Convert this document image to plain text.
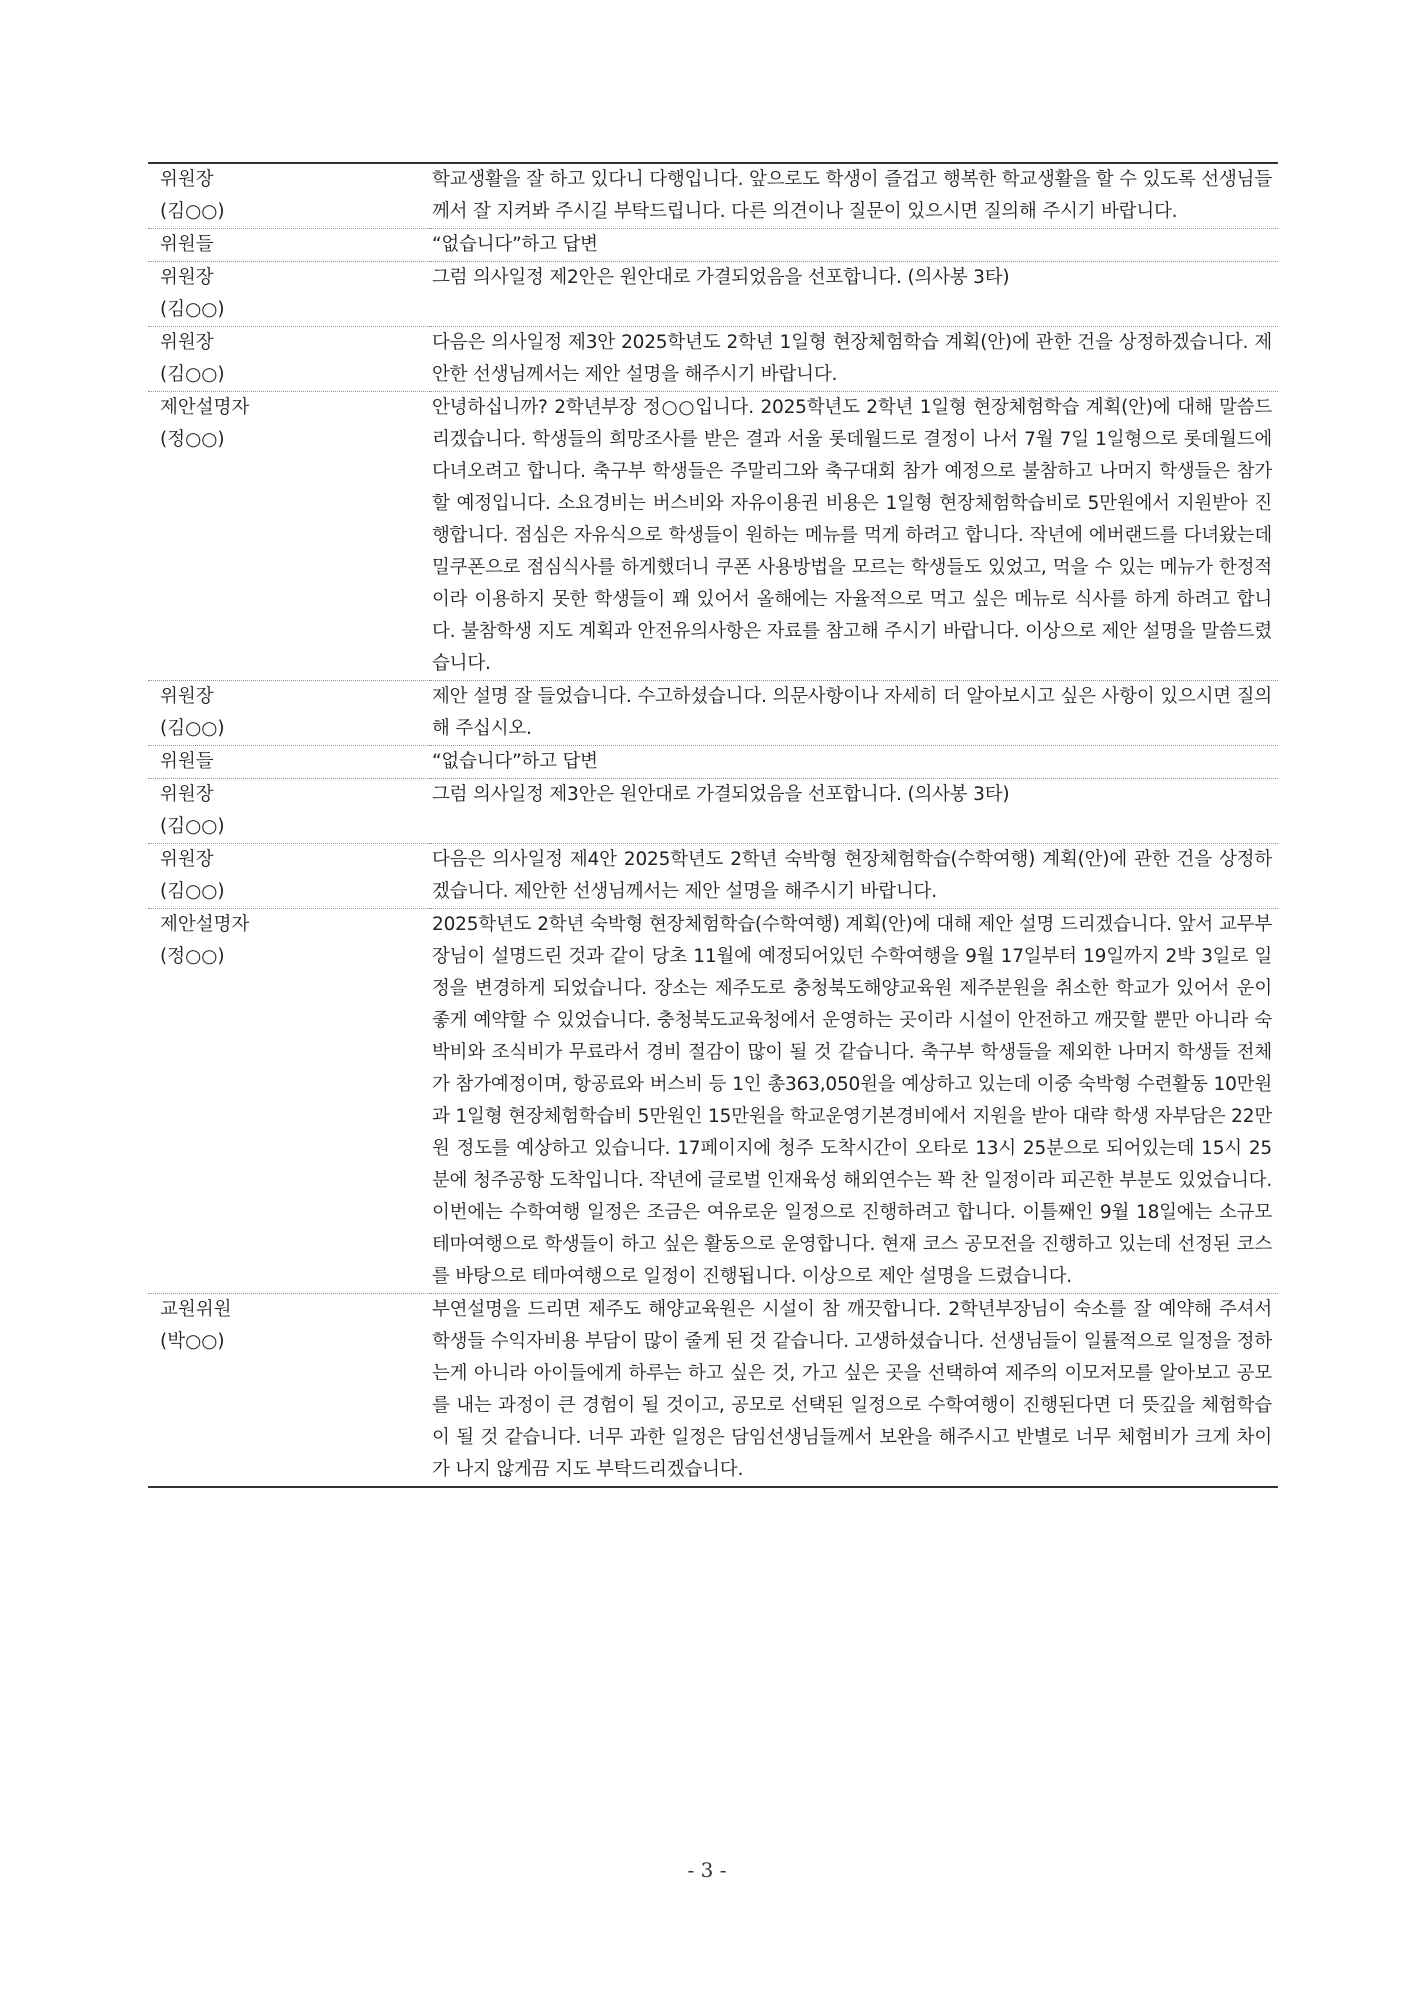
위원장
(김○○)	학교생활을 잘 하고 있다니 다행입니다. 앞으로도 학생이 즐겁고 행복한 학교생활을 할 수 있도록 선생님들께서 잘 지켜봐 주시길 부탁드립니다. 다른 의견이나 질문이 있으시면 질의해 주시기 바랍니다.

위원들	“없습니다”하고 답변

위원장
(김○○)	그럼 의사일정 제2안은 원안대로 가결되었음을 선포합니다. (의사봉 3타)

위원장
(김○○)	다음은 의사일정 제3안 2025학년도 2학년 1일형 현장체험학습 계획(안)에 관한 건을 상정하겠습니다. 제안한 선생님께서는 제안 설명을 해주시기 바랍니다.

제안설명자
(정○○)	안녕하십니까? 2학년부장 정○○입니다. 2025학년도 2학년 1일형 현장체험학습 계획(안)에 대해 말씀드리겠습니다. 학생들의 희망조사를 받은 결과 서울 롯데월드로 결정이 나서 7월 7일 1일형으로 롯데월드에 다녀오려고 합니다. 축구부 학생들은 주말리그와 축구대회 참가 예정으로 불참하고 나머지 학생들은 참가할 예정입니다. 소요경비는 버스비와 자유이용권 비용은 1일형 현장체험학습비로 5만원에서 지원받아 진행합니다. 점심은 자유식으로 학생들이 원하는 메뉴를 먹게 하려고 합니다. 작년에 에버랜드를 다녀왔는데 밀쿠폰으로 점심식사를 하게했더니 쿠폰 사용방법을 모르는 학생들도 있었고, 먹을 수 있는 메뉴가 한정적이라 이용하지 못한 학생들이 꽤 있어서 올해에는 자율적으로 먹고 싶은 메뉴로 식사를 하게 하려고 합니다. 불참학생 지도 계획과 안전유의사항은 자료를 참고해 주시기 바랍니다. 이상으로 제안 설명을 말씀드렸습니다.

위원장
(김○○)	제안 설명 잘 들었습니다. 수고하셨습니다. 의문사항이나 자세히 더 알아보시고 싶은 사항이 있으시면 질의해 주십시오.

위원들	“없습니다”하고 답변

위원장
(김○○)	그럼 의사일정 제3안은 원안대로 가결되었음을 선포합니다. (의사봉 3타)

위원장
(김○○)	다음은 의사일정 제4안 2025학년도 2학년 숙박형 현장체험학습(수학여행) 계획(안)에 관한 건을 상정하겠습니다. 제안한 선생님께서는 제안 설명을 해주시기 바랍니다.

제안설명자
(정○○)	2025학년도 2학년 숙박형 현장체험학습(수학여행) 계획(안)에 대해 제안 설명 드리겠습니다. 앞서 교무부장님이 설명드린 것과 같이 당초 11월에 예정되어있던 수학여행을 9월 17일부터 19일까지 2박 3일로 일정을 변경하게 되었습니다. 장소는 제주도로 충청북도해양교육원 제주분원을 취소한 학교가 있어서 운이 좋게 예약할 수 있었습니다. 충청북도교육청에서 운영하는 곳이라 시설이 안전하고 깨끗할 뿐만 아니라 숙박비와 조식비가 무료라서 경비 절감이 많이 될 것 같습니다. 축구부 학생들을 제외한 나머지 학생들 전체가 참가예정이며, 항공료와 버스비 등 1인 총363,050원을 예상하고 있는데 이중 숙박형 수련활동 10만원과 1일형 현장체험학습비 5만원인 15만원을 학교운영기본경비에서 지원을 받아 대략 학생 자부담은 22만원 정도를 예상하고 있습니다. 17페이지에 청주 도착시간이 오타로 13시 25분으로 되어있는데 15시 25분에 청주공항 도착입니다. 작년에 글로벌 인재육성 해외연수는 꽉 찬 일정이라 피곤한 부분도 있었습니다. 이번에는 수학여행 일정은 조금은 여유로운 일정으로 진행하려고 합니다. 이틀째인 9월 18일에는 소규모 테마여행으로 학생들이 하고 싶은 활동으로 운영합니다. 현재 코스 공모전을 진행하고 있는데 선정된 코스를 바탕으로 테마여행으로 일정이 진행됩니다. 이상으로 제안 설명을 드렸습니다.

교원위원
(박○○)	부연설명을 드리면 제주도 해양교육원은 시설이 참 깨끗합니다. 2학년부장님이 숙소를 잘 예약해 주셔서 학생들 수익자비용 부담이 많이 줄게 된 것 같습니다. 고생하셨습니다. 선생님들이 일률적으로 일정을 정하는게 아니라 아이들에게 하루는 하고 싶은 것, 가고 싶은 곳을 선택하여 제주의 이모저모를 알아보고 공모를 내는 과정이 큰 경험이 될 것이고, 공모로 선택된 일정으로 수학여행이 진행된다면 더 뜻깊을 체험학습이 될 것 같습니다. 너무 과한 일정은 담임선생님들께서 보완을 해주시고 반별로 너무 체험비가 크게 차이가 나지 않게끔 지도 부탁드리겠습니다.
- 3 -
